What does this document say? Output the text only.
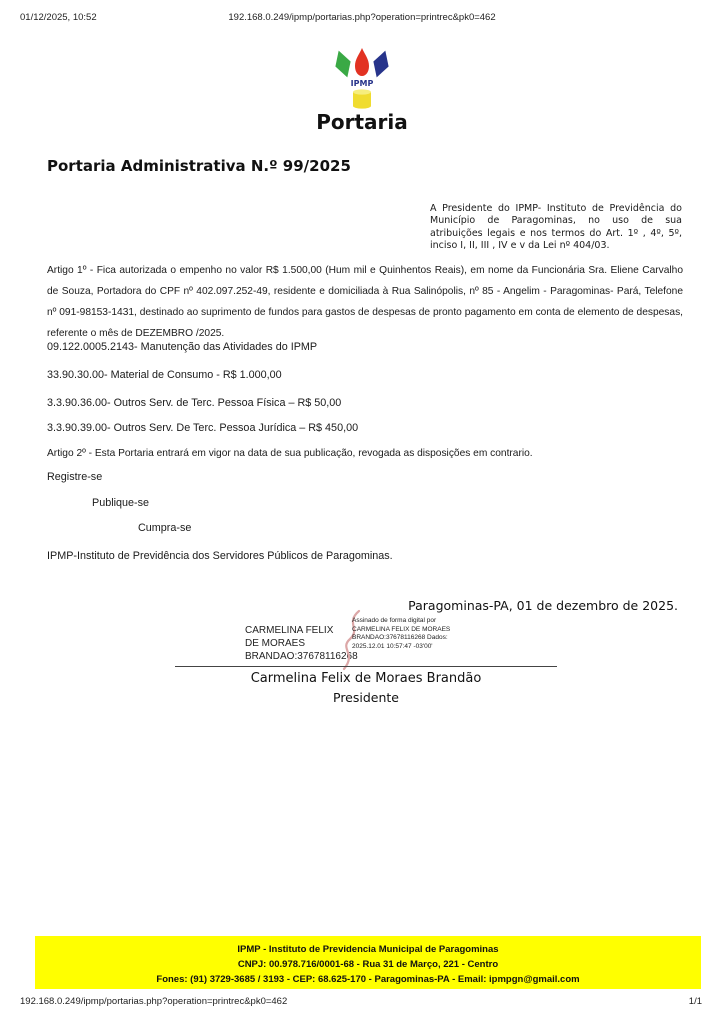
01/12/2025, 10:52	192.168.0.249/ipmp/portarias.php?operation=printrec&pk0=462
IPMP
Portaria
Portaria Administrativa N.º 99/2025
A Presidente do IPMP- Instituto de Previdência do Município de Paragominas, no uso de sua atribuições legais e nos termos do Art. 1º , 4º, 5º, inciso I, II, III , IV e v da Lei nº 404/03.
Artigo 1º - Fica autorizada o empenho no valor R$ 1.500,00 (Hum mil e Quinhentos Reais), em nome da Funcionária Sra. Eliene Carvalho de Souza, Portadora do CPF nº 402.097.252-49, residente e domiciliada à Rua Salinópolis, nº 85 - Angelim - Paragominas- Pará, Telefone nº 091-98153-1431, destinado ao suprimento de fundos para gastos de despesas de pronto pagamento em conta de elemento de despesas, referente o mês de DEZEMBRO /2025.
09.122.0005.2143- Manutenção das Atividades do IPMP
33.90.30.00- Material de Consumo - R$ 1.000,00
3.3.90.36.00- Outros Serv. de Terc. Pessoa Física – R$ 50,00
3.3.90.39.00- Outros Serv. De Terc. Pessoa Jurídica – R$ 450,00
Artigo 2º - Esta Portaria entrará em vigor na data de sua publicação, revogada as disposições em contrario.
Registre-se
Publique-se
Cumpra-se
IPMP-Instituto de Previdência dos Servidores Públicos de Paragominas.
Paragominas-PA, 01 de dezembro de 2025.
CARMELINA FELIX DE MORAES BRANDAO:37678116268
Assinado de forma digital por CARMELINA FELIX DE MORAES BRANDAO:37678116268 Dados: 2025.12.01 10:57:47 -03'00'
Carmelina Felix de Moraes Brandão
Presidente
IPMP - Instituto de Previdencia Municipal de Paragominas
CNPJ: 00.978.716/0001-68 - Rua 31 de Março, 221 - Centro
Fones: (91) 3729-3685 / 3193 - CEP: 68.625-170 - Paragominas-PA - Email: ipmpgn@gmail.com
192.168.0.249/ipmp/portarias.php?operation=printrec&pk0=462	1/1
